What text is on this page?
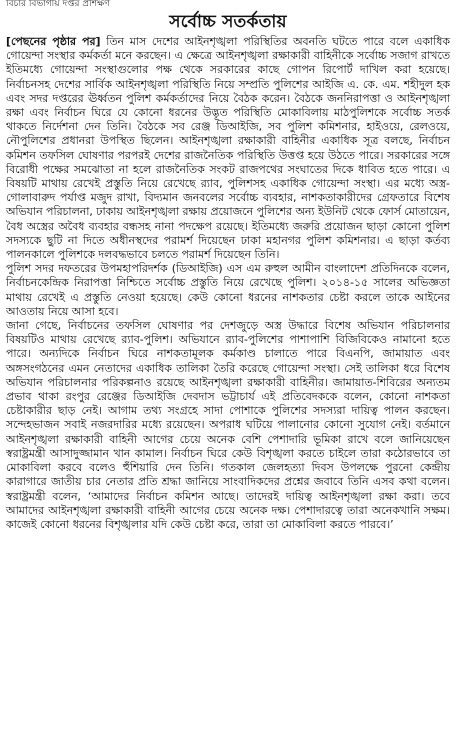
বিচার বিভাগীয় দপ্তর প্রশিক্ষণ
সর্বোচ্চ সতর্কতায়

[পেছনের পৃষ্ঠার পর] তিন মাস দেশের আইনশৃঙ্খলা পরিস্থিতির অবনতি ঘটতে পারে বলে একাধিক গোয়েন্দা সংস্থার কর্মকর্তা মনে করছেন। এ ক্ষেত্রে আইনশৃঙ্খলা রক্ষাকারী বাহিনীকে সর্বোচ্চ সজাগ রাখতে ইতিমধ্যে গোয়েন্দা সংস্থাগুলোর পক্ষ থেকে সরকারের কাছে গোপন রিপোর্ট দাখিল করা হয়েছে। নির্বাচনসহ দেশের সার্বিক আইনশৃঙ্খলা পরিস্থিতি নিয়ে সম্প্রতি পুলিশের আইজি এ. কে. এম. শহীদুল হক এবং সদর দপ্তরের ঊর্ধ্বতন পুলিশ কর্মকর্তাদের নিয়ে বৈঠক করেন। বৈঠকে জননিরাপত্তা ও আইনশৃঙ্খলা রক্ষা এবং নির্বাচন ঘিরে যে কোনো ধরনের উদ্ভূত পরিস্থিতি মোকাবিলায় মাঠপুলিশকে সর্বোচ্চ সতর্ক থাকতে নির্দেশনা দেন তিনি। বৈঠকে সব রেঞ্জ ডিআইজি, সব পুলিশ কমিশনার, হাইওয়ে, রেলওয়ে, নৌপুলিশের প্রধানরা উপস্থিত ছিলেন। আইনশৃঙ্খলা রক্ষাকারী বাহিনীর একাধিক সূত্র বলছে, নির্বাচন কমিশন তফসিল ঘোষণার পরপরই দেশের রাজনৈতিক পরিস্থিতি উত্তপ্ত হয়ে উঠতে পারে। সরকারের সঙ্গে বিরোধী পক্ষের সমঝোতা না হলে রাজনৈতিক সংকট রাজপথের সংঘাতের দিকে ধাবিত হতে পারে। এ বিষয়টি মাথায় রেখেই প্রস্তুতি নিয়ে রেখেছে র‍্যাব, পুলিশসহ একাধিক গোয়েন্দা সংস্থা। এর মধ্যে অস্ত্র-গোলাবারুদ পর্যাপ্ত মজুদ রাখা, বিদ্যমান জনবলের সর্বোচ্চ ব্যবহার, নাশকতাকারীদের গ্রেফতারে বিশেষ অভিযান পরিচালনা, ঢাকায় আইনশৃঙ্খলা রক্ষায় প্রয়োজনে পুলিশের অন্য ইউনিট থেকে ফোর্স মোতায়েন, বৈধ অস্ত্রের অবৈধ ব্যবহার বন্ধসহ নানা পদক্ষেপ রয়েছে। ইতিমধ্যে জরুরি প্রয়োজন ছাড়া কোনো পুলিশ সদস্যকে ছুটি না দিতে অধীনস্থদের পরামর্শ দিয়েছেন ঢাকা মহানগর পুলিশ কমিশনার। এ ছাড়া কর্তব্য পালনকালে পুলিশকে দলবদ্ধভাবে চলতে পরামর্শ দিয়েছেন তিনি।

পুলিশ সদর দফতরের উপমহাপরিদর্শক (ডিআইজি) এস এম রুহুল আমীন বাংলাদেশ প্রতিদিনকে বলেন, নির্বাচনকেন্দ্রিক নিরাপত্তা নিশ্চিতে সর্বোচ্চ প্রস্তুতি নিয়ে রেখেছে পুলিশ। ২০১৪-১৫ সালের অভিজ্ঞতা মাথায় রেখেই এ প্রস্তুতি নেওয়া হয়েছে। কেউ কোনো ধরনের নাশকতার চেষ্টা করলে তাকে আইনের আওতায় নিয়ে আসা হবে।

জানা গেছে, নির্বাচনের তফসিল ঘোষণার পর দেশজুড়ে অস্ত্র উদ্ধারে বিশেষ অভিযান পরিচালনার বিষয়টিও মাথায় রেখেছে র‍্যাব-পুলিশ। অভিযানে র‍্যাব-পুলিশের পাশাপাশি বিজিবিকেও নামানো হতে পারে। অন্যদিকে নির্বাচন ঘিরে নাশকতামূলক কর্মকাণ্ড চালাতে পারে বিএনপি, জামায়াত এবং অঙ্গসংগঠনের এমন নেতাদের একাধিক তালিকা তৈরি করেছে গোয়েন্দা সংস্থা। সেই তালিকা ধরে বিশেষ অভিযান পরিচালনার পরিকল্পনাও রয়েছে আইনশৃঙ্খলা রক্ষাকারী বাহিনীর। জামায়াত-শিবিরের অন্যতম প্রভাব থাকা রংপুর রেঞ্জের ডিআইজি দেবদাস ভট্টাচার্য এই প্রতিবেদককে বলেন, কোনো নাশকতা চেষ্টাকারীর ছাড় নেই। আগাম তথ্য সংগ্রহে সাদা পোশাকে পুলিশের সদস্যরা দায়িত্ব পালন করছেন। সন্দেহভাজন সবাই নজরদারির মধ্যে রয়েছেন। অপরাধ ঘটিয়ে পালানোর কোনো সুযোগ নেই। বর্তমানে আইনশৃঙ্খলা রক্ষাকারী বাহিনী আগের চেয়ে অনেক বেশি পেশাদারি ভূমিকা রাখে বলে জানিয়েছেন স্বরাষ্ট্রমন্ত্রী আসাদুজ্জামান খান কামাল। নির্বাচন ঘিরে কেউ বিশৃঙ্খলা করতে চাইলে তারা কঠোরভাবে তা মোকাবিলা করবে বলেও হুঁশিয়ারি দেন তিনি। গতকাল জেলহত্যা দিবস উপলক্ষে পুরনো কেন্দ্রীয় কারাগারে জাতীয় চার নেতার প্রতি শ্রদ্ধা জানিয়ে সাংবাদিকদের প্রশ্নের জবাবে তিনি এসব কথা বলেন। স্বরাষ্ট্রমন্ত্রী বলেন, ‘আমাদের নির্বাচন কমিশন আছে। তাদেরই দায়িত্ব আইনশৃঙ্খলা রক্ষা করা। তবে আমাদের আইনশৃঙ্খলা রক্ষাকারী বাহিনী আগের চেয়ে অনেক দক্ষ। পেশাদারত্বে তারা অনেকখানি সক্ষম। কাজেই কোনো ধরনের বিশৃঙ্খলার যদি কেউ চেষ্টা করে, তারা তা মোকাবিলা করতে পারবে।’
